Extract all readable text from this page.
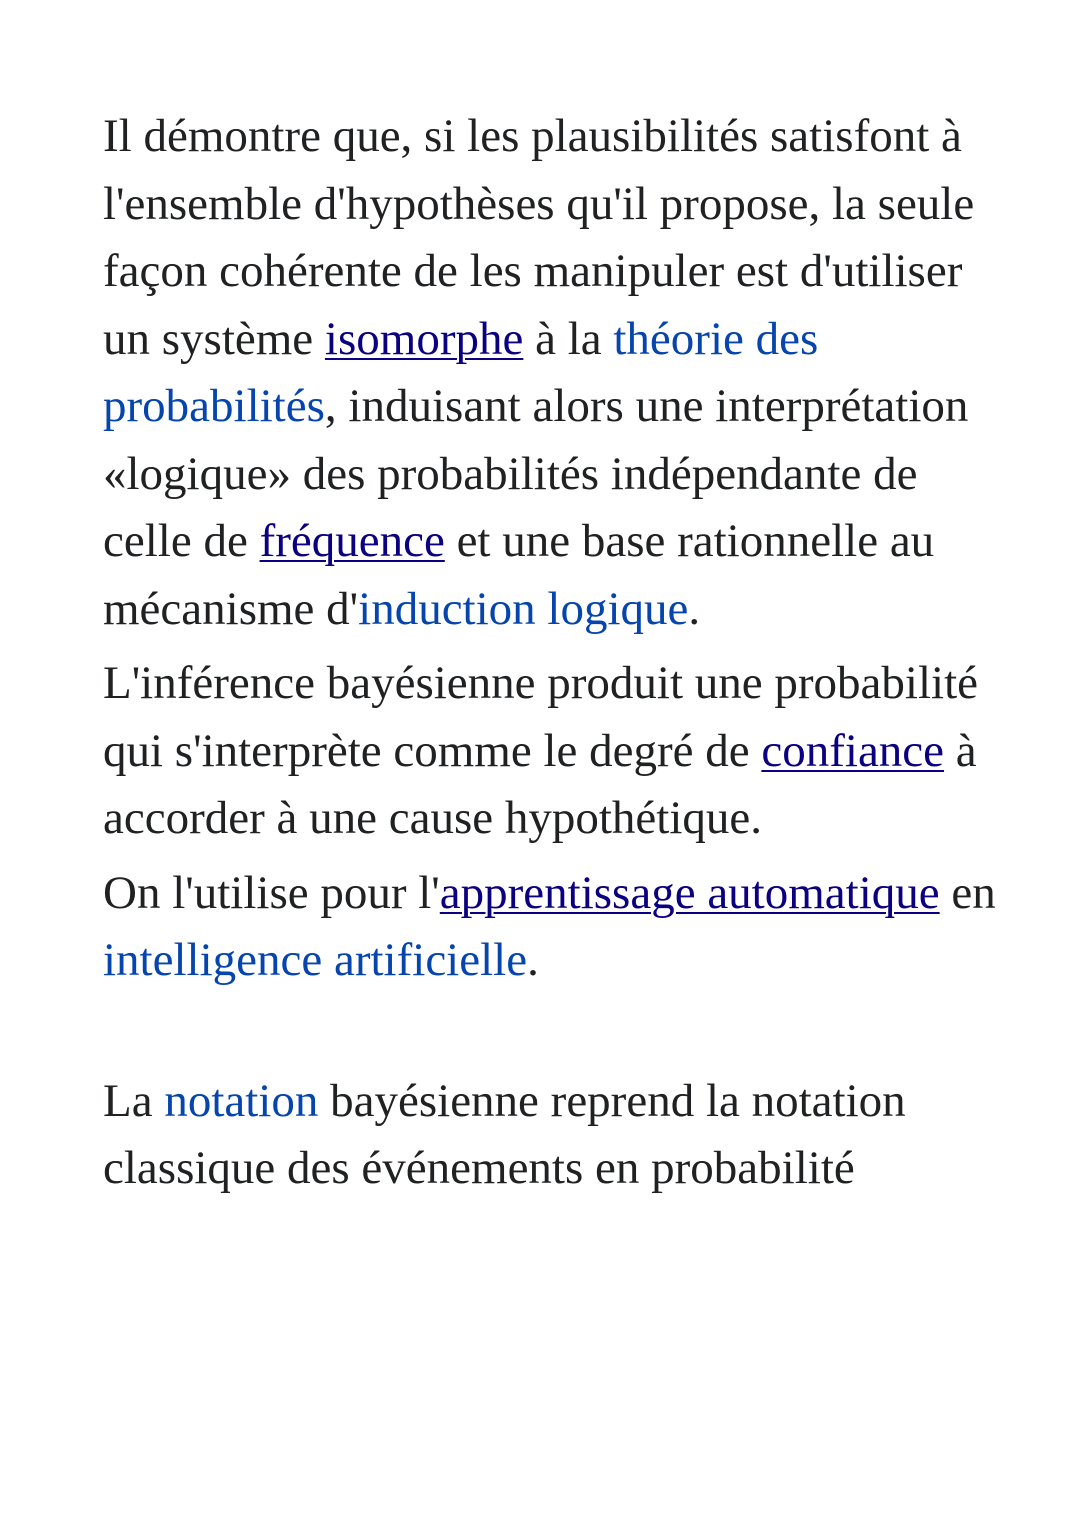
Il démontre que, si les plausibilités satisfont à l'ensemble d'hypothèses qu'il propose, la seule façon cohérente de les manipuler est d'utiliser un système isomorphe à la théorie des probabilités, induisant alors une interprétation «logique» des probabilités indépendante de celle de fréquence et une base rationnelle au mécanisme d'induction logique.

L'inférence bayésienne produit une probabilité qui s'interprète comme le degré de confiance à accorder à une cause hypothétique.

On l'utilise pour l'apprentissage automatique en intelligence artificielle.

La notation bayésienne reprend la notation classique des événements en probabilité
